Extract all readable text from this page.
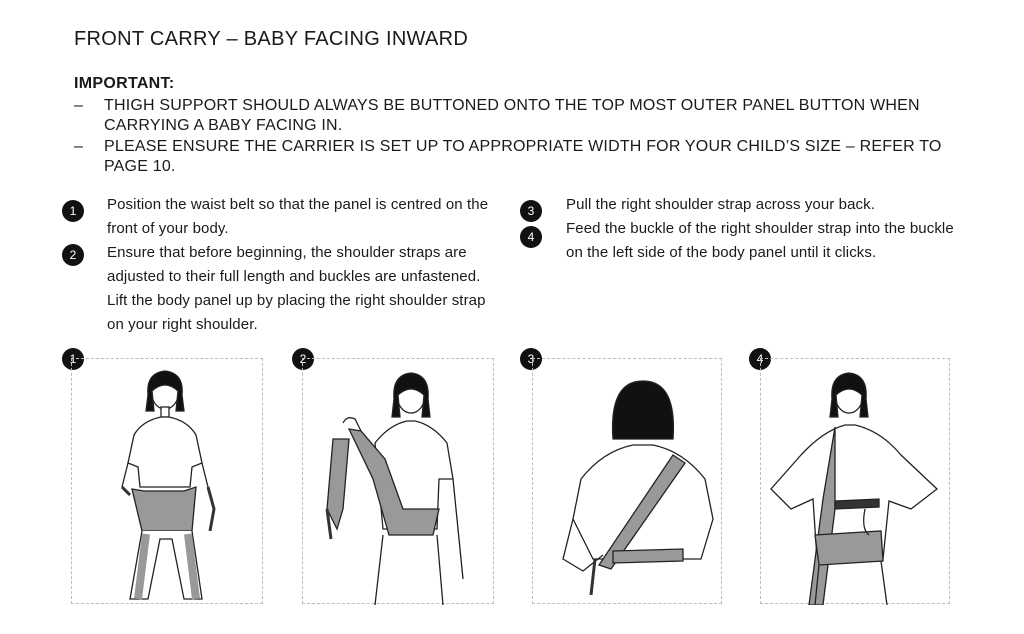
FRONT CARRY – BABY FACING INWARD
IMPORTANT:
– THIGH SUPPORT SHOULD ALWAYS BE BUTTONED ONTO THE TOP MOST OUTER PANEL BUTTON WHEN CARRYING A BABY FACING IN.
– PLEASE ENSURE THE CARRIER IS SET UP TO APPROPRIATE WIDTH FOR YOUR CHILD’S SIZE – REFER TO PAGE 10.
1	Position the waist belt so that the panel is centred on the front of your body.
2	Ensure that before beginning, the shoulder straps are adjusted to their full length and buckles are unfastened. Lift the body panel up by placing the right shoulder strap on your right shoulder.
3	Pull the right shoulder strap across your back.
4	Feed the buckle of the right shoulder strap into the buckle on the left side of the body panel until it clicks.
1	2	3	4
